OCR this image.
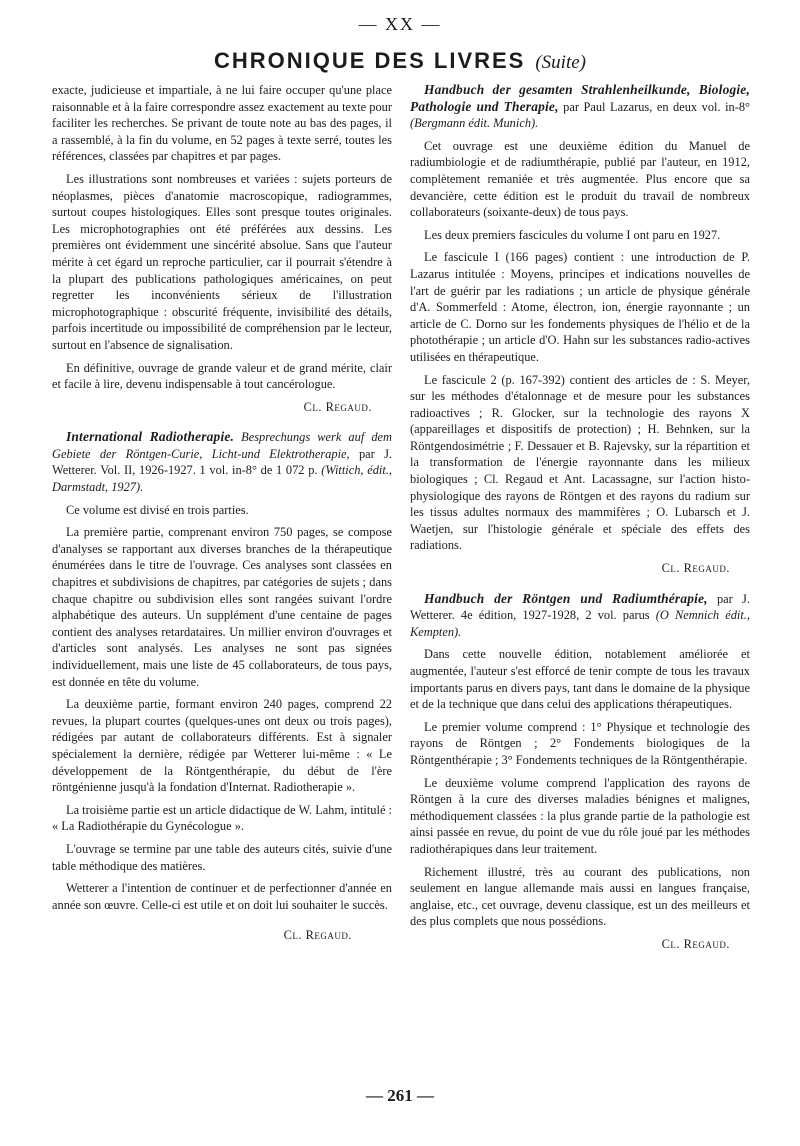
— XX —
CHRONIQUE DES LIVRES (Suite)

exacte, judicieuse et impartiale, à ne lui faire occuper qu'une place raisonnable et à la faire correspondre assez exactement au texte pour faciliter les recherches. Se privant de toute note au bas des pages, il a rassemblé, à la fin du volume, en 52 pages à texte serré, toutes les références, classées par chapitres et par pages.

Les illustrations sont nombreuses et variées : sujets porteurs de néoplasmes, pièces d'anatomie macroscopique, radiogrammes, surtout coupes histologiques. Elles sont presque toutes originales. Les microphotographies ont été préférées aux dessins. Les premières ont évidemment une sincérité absolue. Sans que l'auteur mérite à cet égard un reproche particulier, car il pourrait s'étendre à la plupart des publications pathologiques américaines, on peut regretter les inconvénients sérieux de l'illustration microphotographique : obscurité fréquente, invisibilité des détails, parfois incertitude ou impossibilité de compréhension par le lecteur, surtout en l'absence de signalisation.

En définitive, ouvrage de grande valeur et de grand mérite, clair et facile à lire, devenu indispensable à tout cancérologue.

Cl. Regaud.

International Radiotherapie. Besprechungs werk auf dem Gebiete der Röntgen-Curie, Licht-und Elektrotherapie, par J. Wetterer. Vol. II, 1926-1927. 1 vol. in-8° de 1 072 p. (Wittich, édit., Darmstadt, 1927).

Ce volume est divisé en trois parties.

La première partie, comprenant environ 750 pages, se compose d'analyses se rapportant aux diverses branches de la thérapeutique énumérées dans le titre de l'ouvrage. Ces analyses sont classées en chapitres et subdivisions de chapitres, par catégories de sujets ; dans chaque chapitre ou subdivision elles sont rangées suivant l'ordre alphabétique des auteurs. Un supplément d'une centaine de pages contient des analyses retardataires. Un millier environ d'ouvrages et d'articles sont analysés. Les analyses ne sont pas signées individuellement, mais une liste de 45 collaborateurs, de tous pays, est donnée en tête du volume.

La deuxième partie, formant environ 240 pages, comprend 22 revues, la plupart courtes (quelques-unes ont deux ou trois pages), rédigées par autant de collaborateurs différents. Est à signaler spécialement la dernière, rédigée par Wetterer lui-même : « Le développement de la Röntgenthérapie, du début de l'ère röntgénienne jusqu'à la fondation d'Internat. Radiotherapie ».

La troisième partie est un article didactique de W. Lahm, intitulé : « La Radiothérapie du Gynécologue ».

L'ouvrage se termine par une table des auteurs cités, suivie d'une table méthodique des matières.

Wetterer a l'intention de continuer et de perfectionner d'année en année son œuvre. Celle-ci est utile et on doit lui souhaiter le succès.

Cl. Regaud.

Handbuch der gesamten Strahlenheilkunde, Biologie, Pathologie und Therapie, par Paul Lazarus, en deux vol. in-8° (Bergmann édit. Munich).

Cet ouvrage est une deuxième édition du Manuel de radiumbiologie et de radiumthérapie, publié par l'auteur, en 1912, complètement remaniée et très augmentée. Plus encore que sa devancière, cette édition est le produit du travail de nombreux collaborateurs (soixante-deux) de tous pays.

Les deux premiers fascicules du volume I ont paru en 1927.

Le fascicule I (166 pages) contient : une introduction de P. Lazarus intitulée : Moyens, principes et indications nouvelles de l'art de guérir par les radiations ; un article de physique générale d'A. Sommerfeld : Atome, électron, ion, énergie rayonnante ; un article de C. Dorno sur les fondements physiques de l'hélio et de la photothérapie ; un article d'O. Hahn sur les substances radio-actives utilisées en thérapeutique.

Le fascicule 2 (p. 167-392) contient des articles de : S. Meyer, sur les méthodes d'étalonnage et de mesure pour les substances radioactives ; R. Glocker, sur la technologie des rayons X (appareillages et dispositifs de protection) ; H. Behnken, sur la Röntgendosimétrie ; F. Dessauer et B. Rajevsky, sur la répartition et la transformation de l'énergie rayonnante dans les milieux biologiques ; Cl. Regaud et Ant. Lacassagne, sur l'action histo-physiologique des rayons de Röntgen et des rayons du radium sur les tissus adultes normaux des mammifères ; O. Lubarsch et J. Waetjen, sur l'histologie générale et spéciale des effets des radiations.

Cl. Regaud.

Handbuch der Röntgen und Radiumthérapie, par J. Wetterer. 4e édition, 1927-1928, 2 vol. parus (O Nemnich édit., Kempten).

Dans cette nouvelle édition, notablement améliorée et augmentée, l'auteur s'est efforcé de tenir compte de tous les travaux importants parus en divers pays, tant dans le domaine de la physique et de la technique que dans celui des applications thérapeutiques.

Le premier volume comprend : 1° Physique et technologie des rayons de Röntgen ; 2° Fondements biologiques de la Röntgenthérapie ; 3° Fondements techniques de la Röntgenthérapie.

Le deuxième volume comprend l'application des rayons de Röntgen à la cure des diverses maladies bénignes et malignes, méthodiquement classées : la plus grande partie de la pathologie est ainsi passée en revue, du point de vue du rôle joué par les méthodes radiothérapiques dans leur traitement.

Richement illustré, très au courant des publications, non seulement en langue allemande mais aussi en langues française, anglaise, etc., cet ouvrage, devenu classique, est un des meilleurs et des plus complets que nous possédions.

Cl. Regaud.
— 261 —
